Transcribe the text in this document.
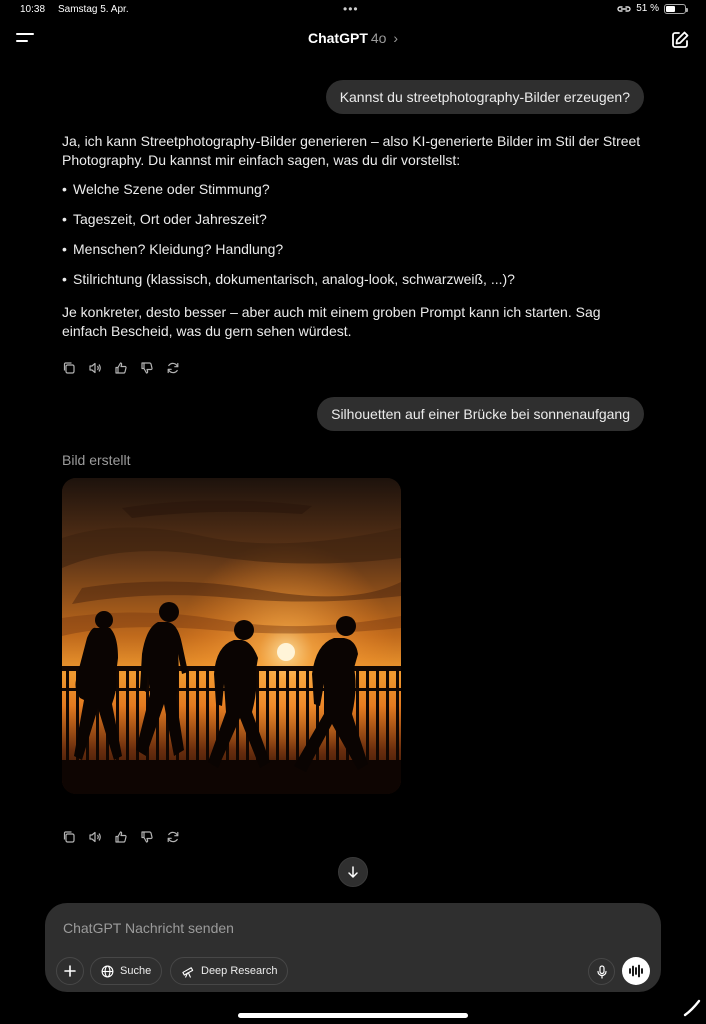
10:38 Samstag 5. Apr.	•••	51 %
ChatGPT 4o ›
Kannst du streetphotography-Bilder erzeugen?

Ja, ich kann Streetphotography-Bilder generieren – also KI-generierte Bilder im Stil der Street Photography. Du kannst mir einfach sagen, was du dir vorstellst:

• Welche Szene oder Stimmung?
• Tageszeit, Ort oder Jahreszeit?
• Menschen? Kleidung? Handlung?
• Stilrichtung (klassisch, dokumentarisch, analog-look, schwarzweiß, ...)?

Je konkreter, desto besser – aber auch mit einem groben Prompt kann ich starten. Sag einfach Bescheid, was du gern sehen würdest.

Silhouetten auf einer Brücke bei sonnenaufgang
Bild erstellt
ChatGPT Nachricht senden
Suche	Deep Research
